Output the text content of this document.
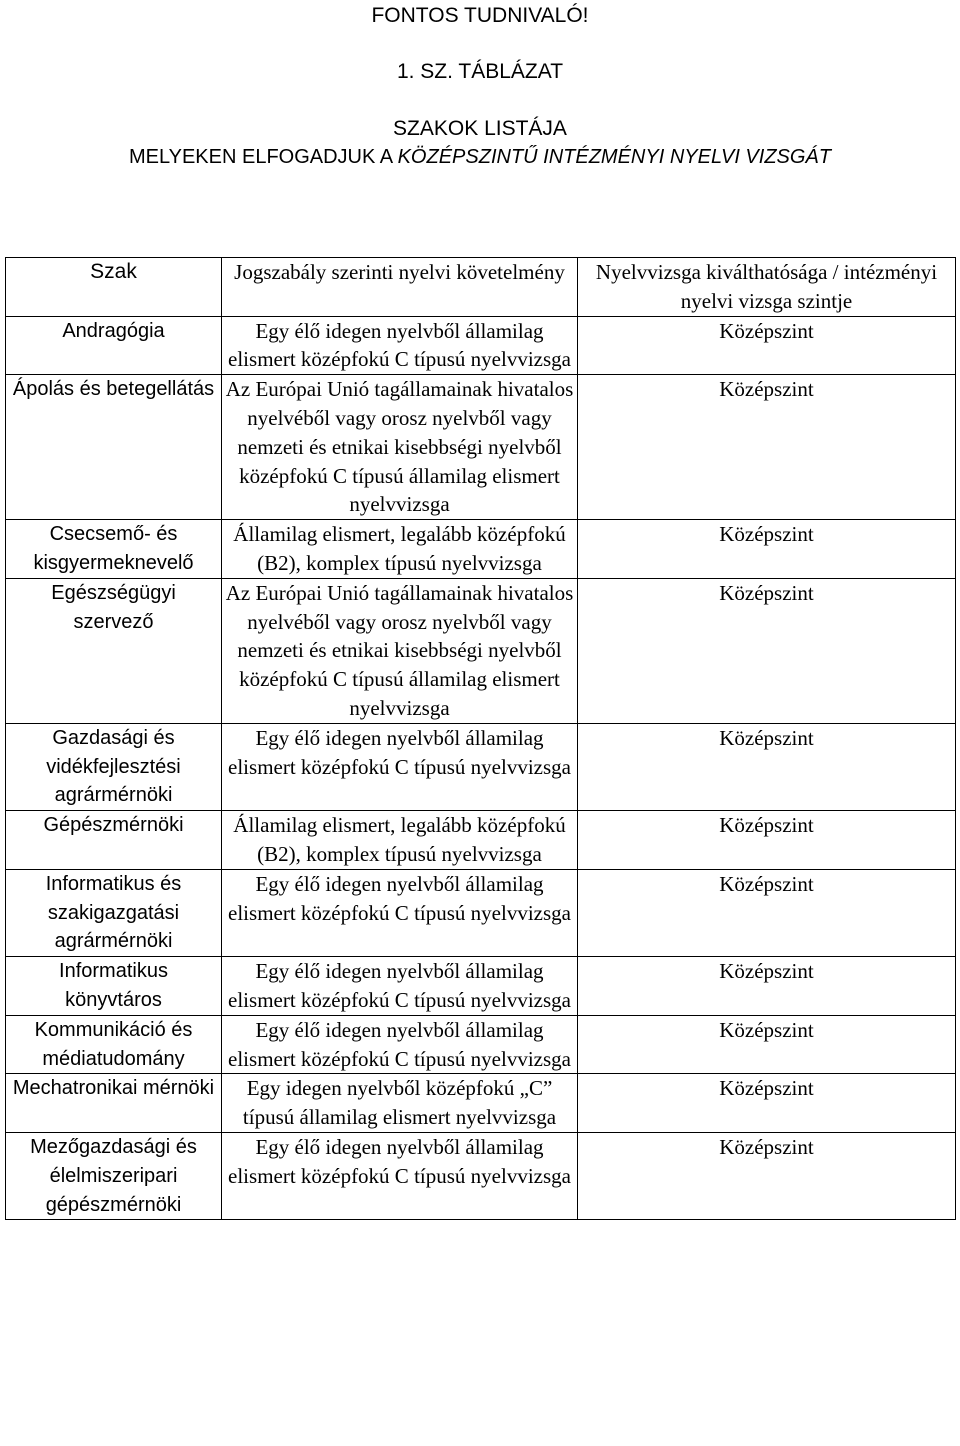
FONTOS TUDNIVALÓ!
1. SZ. TÁBLÁZAT
SZAKOK LISTÁJA
MELYEKEN ELFOGADJUK A KÖZÉPSZINTŰ INTÉZMÉNYI NYELVI VIZSGÁT
Szak	Jogszabály szerinti nyelvi követelmény	Nyelvvizsga kiválthatósága / intézményi nyelvi vizsga szintje
Andragógia	Egy élő idegen nyelvből államilag elismert középfokú C típusú nyelvvizsga	Középszint
Ápolás és betegellátás	Az Európai Unió tagállamainak hivatalos nyelvéből vagy orosz nyelvből vagy nemzeti és etnikai kisebbségi nyelvből középfokú C típusú államilag elismert nyelvvizsga	Középszint
Csecsemő- és kisgyermeknevelő	Államilag elismert, legalább középfokú (B2), komplex típusú nyelvvizsga	Középszint
Egészségügyi szervező	Az Európai Unió tagállamainak hivatalos nyelvéből vagy orosz nyelvből vagy nemzeti és etnikai kisebbségi nyelvből középfokú C típusú államilag elismert nyelvvizsga	Középszint
Gazdasági és vidékfejlesztési agrármérnöki	Egy élő idegen nyelvből államilag elismert középfokú C típusú nyelvvizsga	Középszint
Gépészmérnöki	Államilag elismert, legalább középfokú (B2), komplex típusú nyelvvizsga	Középszint
Informatikus és szakigazgatási agrármérnöki	Egy élő idegen nyelvből államilag elismert középfokú C típusú nyelvvizsga	Középszint
Informatikus könyvtáros	Egy élő idegen nyelvből államilag elismert középfokú C típusú nyelvvizsga	Középszint
Kommunikáció és médiatudomány	Egy élő idegen nyelvből államilag elismert középfokú C típusú nyelvvizsga	Középszint
Mechatronikai mérnöki	Egy idegen nyelvből középfokú „C” típusú államilag elismert nyelvvizsga	Középszint
Mezőgazdasági és élelmiszeripari gépészmérnöki	Egy élő idegen nyelvből államilag elismert középfokú C típusú nyelvvizsga	Középszint
